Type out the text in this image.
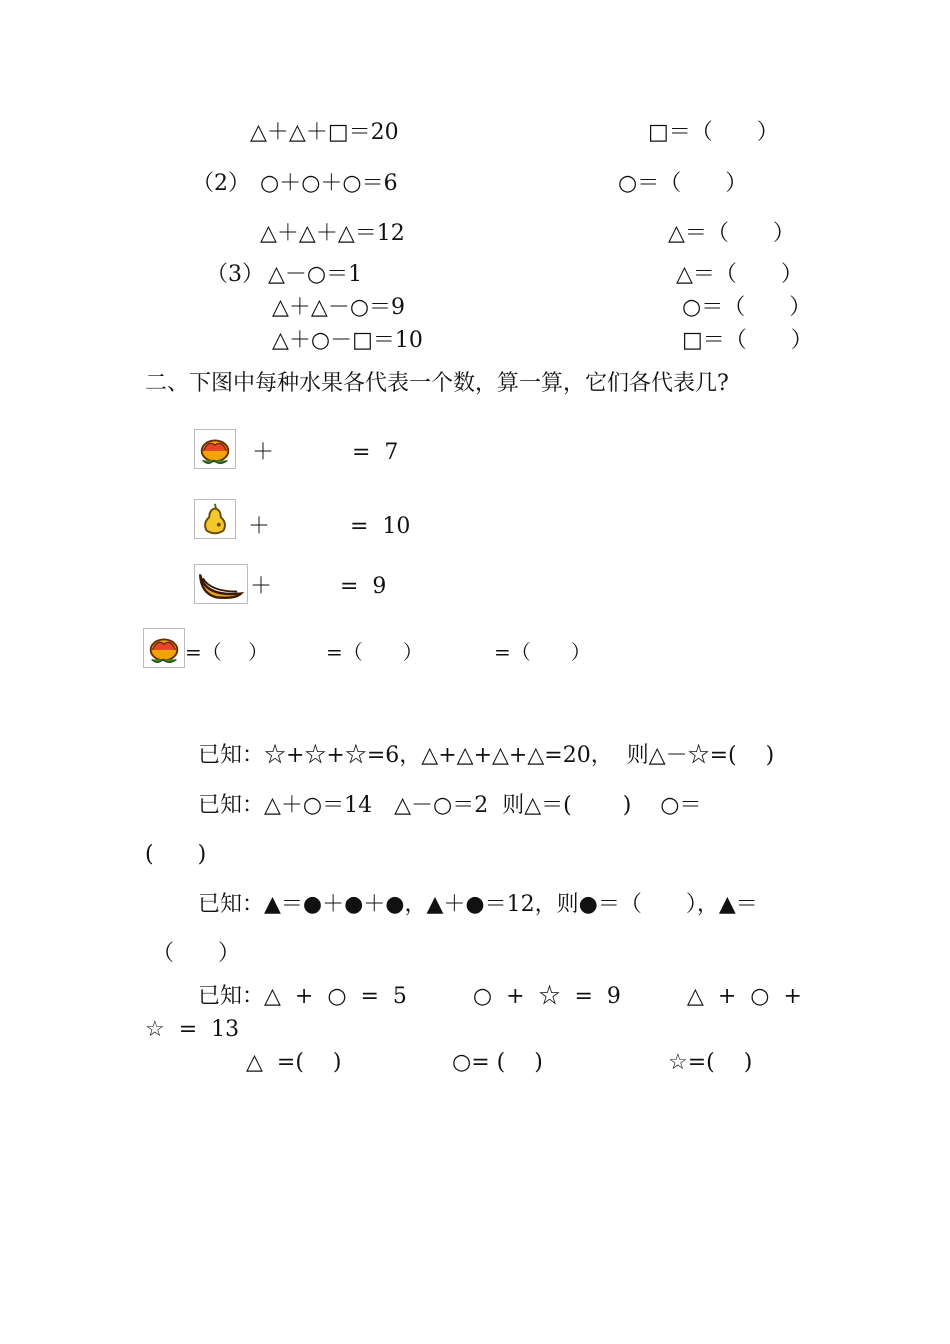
△＋△＋□＝20	□＝（　　）
（2） ○＋○＋○＝6	○＝（　　）
△＋△＋△＝12	△＝（　　）
（3） △－○＝1	△＝（　　）
△＋△－○＝9	○＝（　　）
△＋○－□＝10	□＝（　　）
二、下图中每种水果各代表一个数，算一算，它们各代表几?
＋	=  7
＋	=  10
＋	=  9
=（　 ）	=（　　）	=（　　）
已知：☆+☆+☆=6，△+△+△+△=20，  则△－☆=(　 )
已知：△＋○＝14　△－○＝2  则△＝(　　 )　 ○＝
(　　)
已知：▲＝●＋●＋●，▲＋●＝12，则●＝（　　），▲＝
（　　）
已知：△  +  ○  =  5　　　○  +  ☆  =  9　　　△  +  ○  +
☆  =  13
△  =(　 )	○= (　 )	☆=(　 )
